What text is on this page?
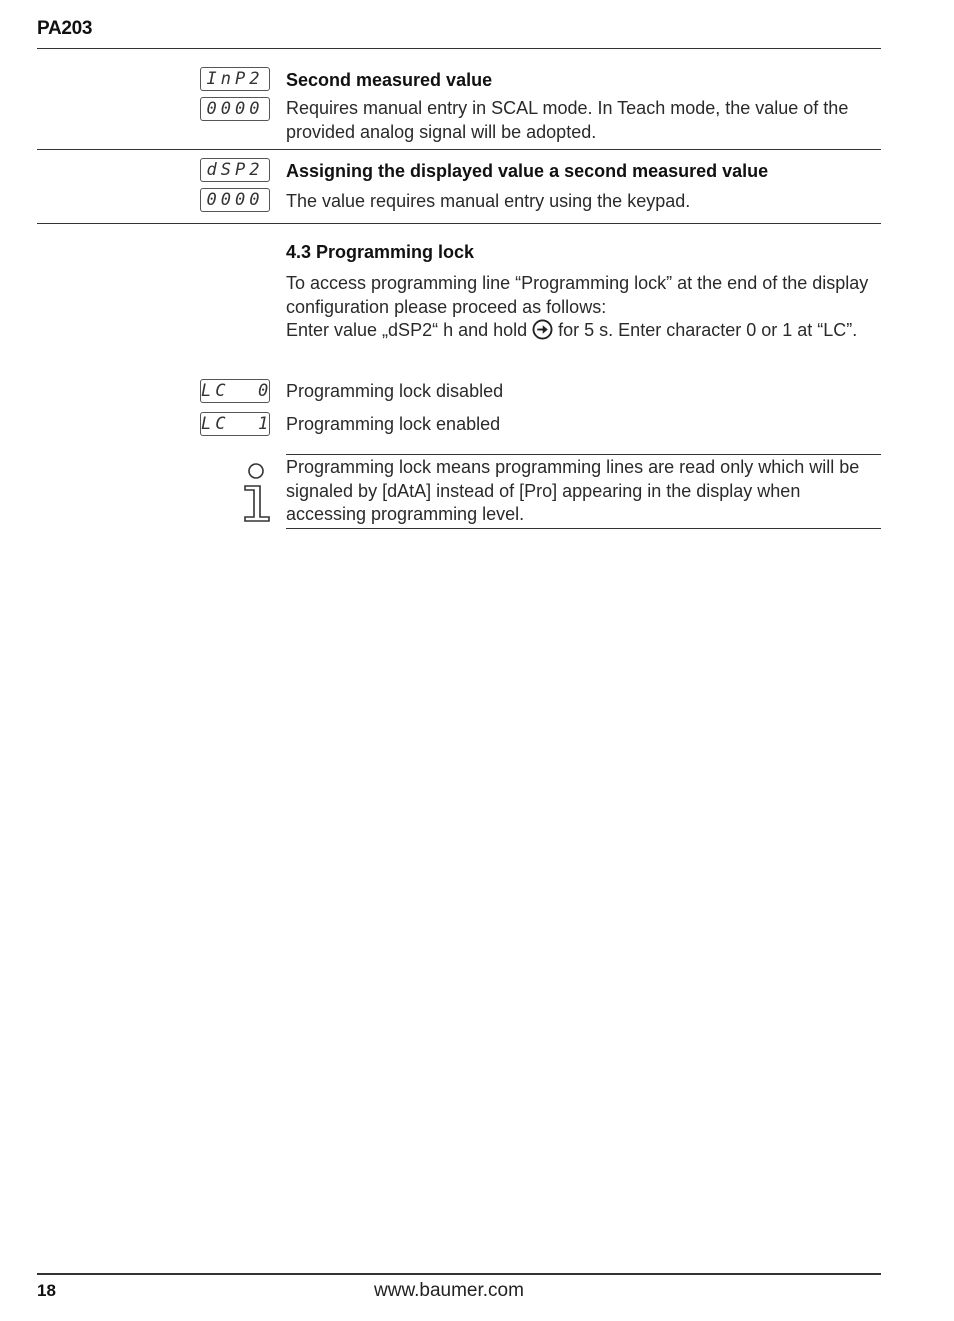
PA203
InP2
0000
Second measured value
Requires manual entry in SCAL mode. In Teach mode, the value of the provided analog signal will be adopted.
dSP2
0000
Assigning the displayed value a second measured value
The value requires manual entry using the keypad.
4.3 Programming lock
To access programming line “Programming lock” at the end of the display configuration please proceed as follows:
Enter value „dSP2“ h and hold  for 5 s. Enter character 0 or 1 at “LC”.
LC  0 Programming lock disabled
LC  1 Programming lock enabled
Programming lock means programming lines are read only which will be signaled by [dAtA] instead of [Pro] appearing in the display when accessing programming level.
18	www.baumer.com
